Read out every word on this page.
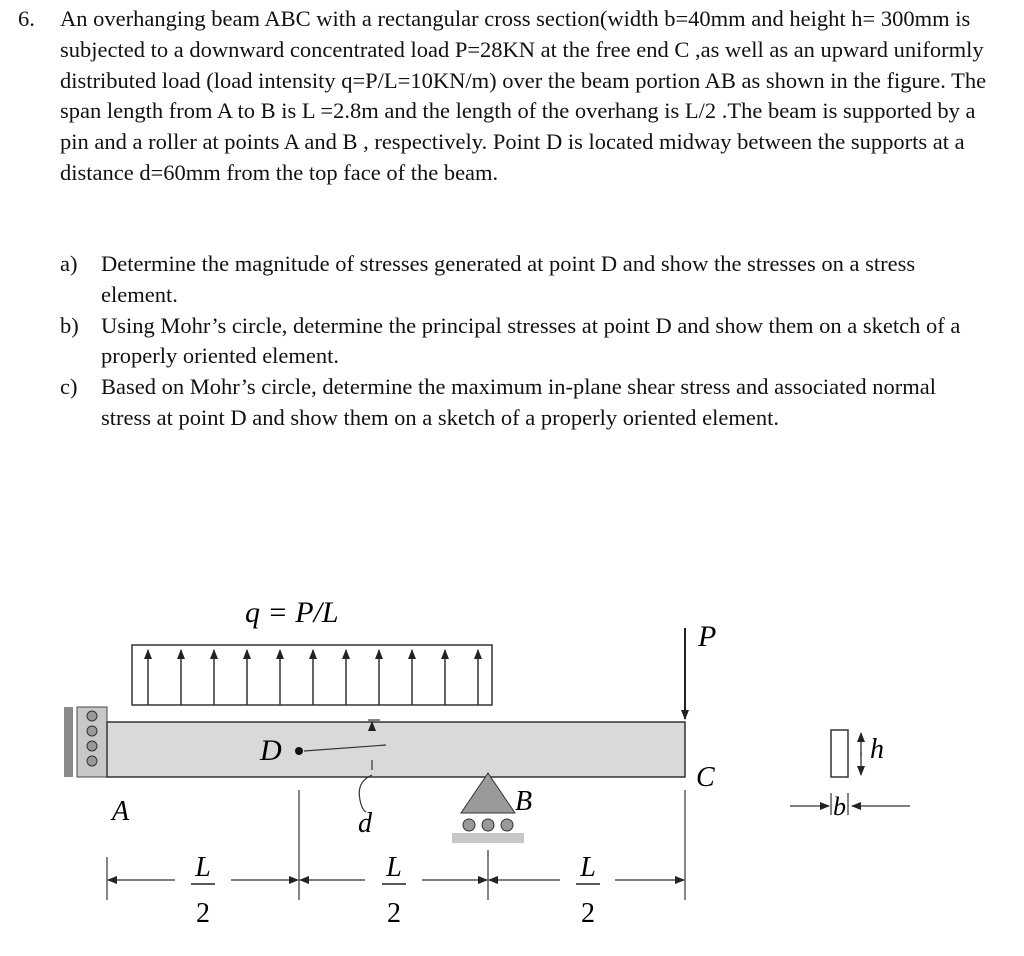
6. An overhanging beam ABC with a rectangular cross section(width b=40mm and height h= 300mm is subjected to a downward concentrated load P=28KN at the free end C ,as well as an upward uniformly distributed load (load intensity q=P/L=10KN/m) over the beam portion AB as shown in the figure. The span length from A to B is L =2.8m and the length of the overhang is L/2 .The beam is supported by a pin and a roller at points A and B , respectively. Point D is located midway between the supports at a distance d=60mm from the top face of the beam.
a) Determine the magnitude of stresses generated at point D and show the stresses on a stress element.
b) Using Mohr’s circle, determine the principal stresses at point D and show them on a sketch of a properly oriented element.
c) Based on Mohr’s circle, determine the maximum in-plane shear stress and associated normal stress at point D and show them on a sketch of a properly oriented element.
q = P/L
P
D
d
B
C
A
L
2
L
2
L
2
h
b
